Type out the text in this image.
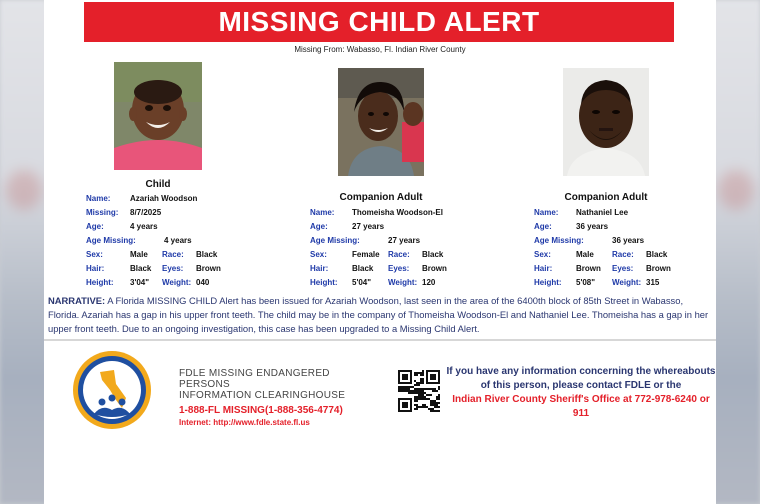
MISSING CHILD ALERT
Missing From: Wabasso, Fl. Indian River County
Child
Name: Azariah Woodson
Missing: 8/7/2025
Age:	4 years
Age Missing:	4 years
Sex:	Male Race: Black
Hair:	Black Eyes: Brown
Height: 3'04" Weight: 040
Companion Adult
Name: Thomeisha Woodson-El
Age:	27 years
Age Missing:	27 years
Sex:	Female Race: Black
Hair:	Black Eyes: Brown
Height: 5'04" Weight: 120
Companion Adult
Name: Nathaniel Lee
Age:	36 years
Age Missing:	36 years
Sex:	Male Race: Black
Hair:	Brown Eyes: Brown
Height: 5'08" Weight: 315
NARRATIVE: A Florida MISSING CHILD Alert has been issued for Azariah Woodson, last seen in the area of the 6400th block of 85th Street in Wabasso, Florida. Azariah has a gap in his upper front teeth. The child may be in the company of Thomeisha Woodson-El and Nathaniel Lee. Thomeisha has a gap in her upper front teeth. Due to an ongoing investigation, this case has been upgraded to a Missing Child Alert.
FDLE MISSING ENDANGERED PERSONS
INFORMATION CLEARINGHOUSE
1-888-FL MISSING(1-888-356-4774)
Internet: http://www.fdle.state.fl.us
If you have any information concerning the whereabouts of this person, please contact FDLE or the
Indian River County Sheriff's Office at 772-978-6240 or 911
